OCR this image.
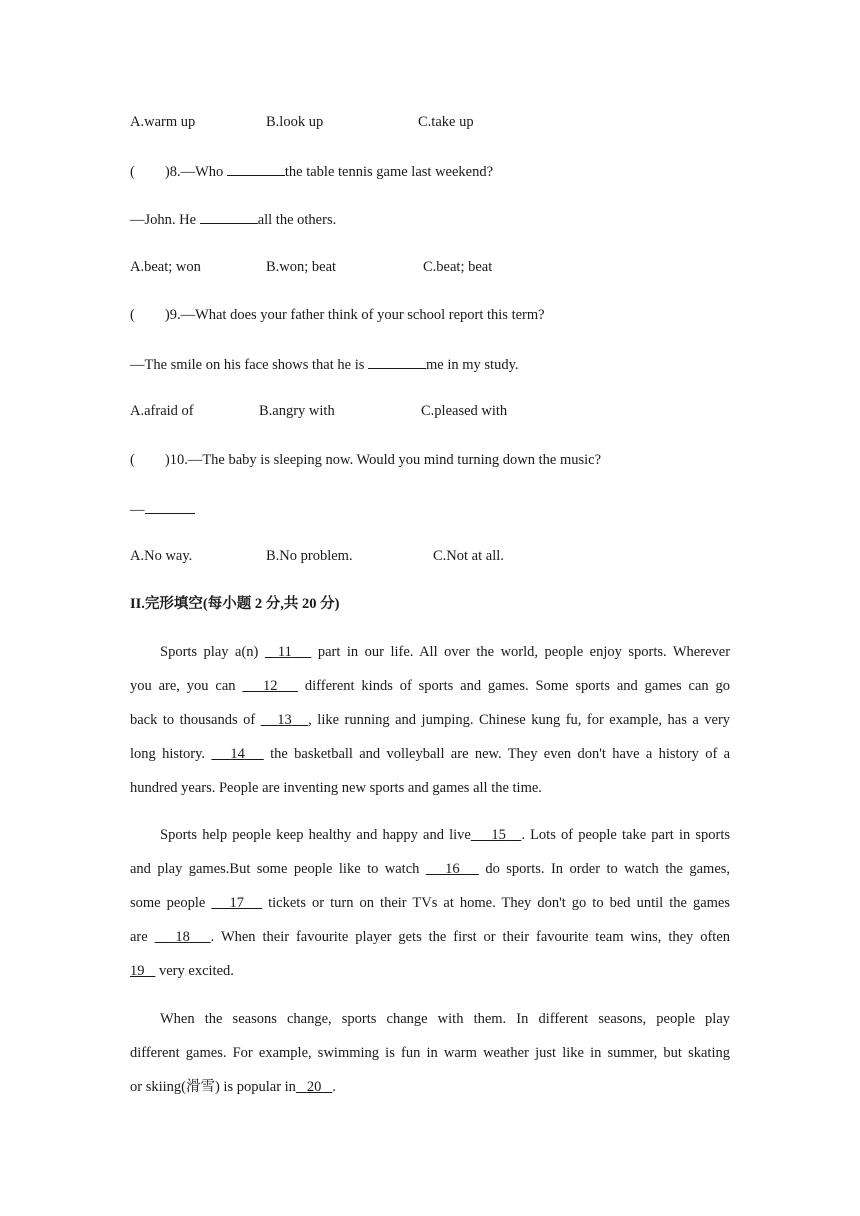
A.warm up	B.look up	C.take up
( )8.—Who	the table tennis game last weekend?
—John. He	all the others.
A.beat; won	B.won; beat	C.beat; beat
( )9.—What does your father think of your school report this term?
—The smile on his face shows that he is	me in my study.
A.afraid of	B.angry with	C.pleased with
( )10.—The baby is sleeping now. Would you mind turning down the music?
—
A.No way.	B.No problem.	C.Not at all.
II.完形填空(每小题 2 分,共 20 分)
Sports play a(n) 11 part in our life. All over the world, people enjoy sports. Wherever
you are, you can 12 different kinds of sports and games. Some sports and games can go
back to thousands of 13 , like running and jumping. Chinese kung fu, for example, has a very
long history. 14 the basketball and volleyball are new. They even don't have a history of a
hundred years. People are inventing new sports and games all the time.
Sports help people keep healthy and happy and live 15 . Lots of people take part in sports
and play games.But some people like to watch 16 do sports. In order to watch the games,
some people 17 tickets or turn on their TVs at home. They don't go to bed until the games
are 18 . When their favourite player gets the first or their favourite team wins, they often
19 very excited.
When the seasons change, sports change with them. In different seasons, people play
different games. For example, swimming is fun in warm weather just like in summer, but skating
or skiing(滑雪) is popular in 20 .
